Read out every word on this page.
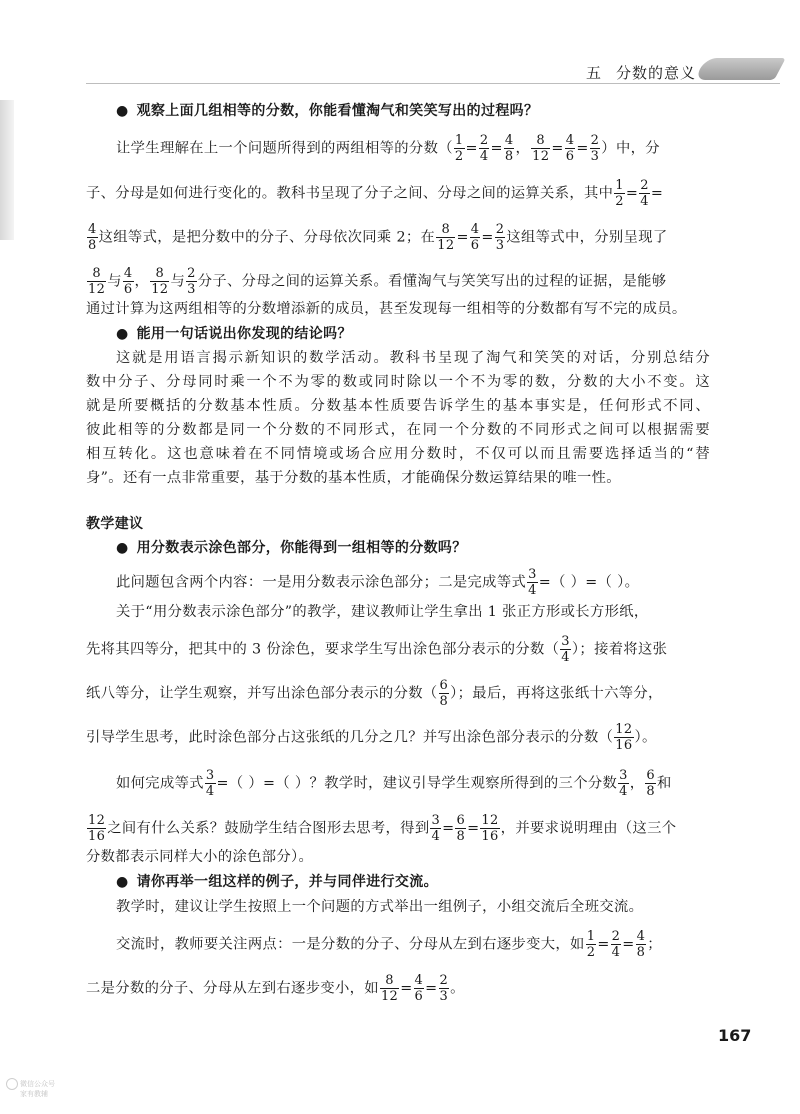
五 分数的意义
● 观察上面几组相等的分数，你能看懂淘气和笑笑写出的过程吗？
让学生理解在上一个问题所得到的两组相等的分数（ $\frac{1}{2} = \frac{2}{4} = \frac{4}{8}$ ， $\frac{8}{12} = \frac{4}{6} = \frac{2}{3}$ ）中，分
子、分母是如何进行变化的。教科书呈现了分子之间、分母之间的运算关系，其中 $\frac{1}{2} = \frac{2}{4}$ =
$\frac{4}{8}$ 这组等式，是把分数中的分子、分母依次同乘 2；在 $\frac{8}{12} = \frac{4}{6} = \frac{2}{3}$ 这组等式中，分别呈现了
$\frac{8}{12}$ 与 $\frac{4}{6}$ ， $\frac{8}{12}$ 与 $\frac{2}{3}$ 分子、分母之间的运算关系。看懂淘气与笑笑写出的过程的证据，是能够
通过计算为这两组相等的分数增添新的成员，甚至发现每一组相等的分数都有写不完的成员。
● 能用一句话说出你发现的结论吗？
这就是用语言揭示新知识的数学活动。教科书呈现了淘气和笑笑的对话，分别总结分
数中分子、分母同时乘一个不为零的数或同时除以一个不为零的数，分数的大小不变。这
就是所要概括的分数基本性质。分数基本性质要告诉学生的基本事实是，任何形式不同、
彼此相等的分数都是同一个分数的不同形式，在同一个分数的不同形式之间可以根据需要
相互转化。这也意味着在不同情境或场合应用分数时，不仅可以而且需要选择适当的“替
身”。还有一点非常重要，基于分数的基本性质，才能确保分数运算结果的唯一性。
教学建议
● 用分数表示涂色部分，你能得到一组相等的分数吗？
此问题包含两个内容：一是用分数表示涂色部分；二是完成等式 $\frac{3}{4}$ =（ ）=（ ）。
关于“用分数表示涂色部分”的教学，建议教师让学生拿出 1 张正方形或长方形纸，
先将其四等分，把其中的 3 份涂色，要求学生写出涂色部分表示的分数（ $\frac{3}{4}$ ）；接着将这张
纸八等分，让学生观察，并写出涂色部分表示的分数（ $\frac{6}{8}$ ）；最后，再将这张纸十六等分，
引导学生思考，此时涂色部分占这张纸的几分之几？并写出涂色部分表示的分数（ $\frac{12}{16}$ ）。
如何完成等式 $\frac{3}{4}$ =（ ）=（ ）？教学时，建议引导学生观察所得到的三个分数 $\frac{3}{4}$ ， $\frac{6}{8}$ 和
$\frac{12}{16}$ 之间有什么关系？鼓励学生结合图形去思考，得到 $\frac{3}{4} = \frac{6}{8} = \frac{12}{16}$ ，并要求说明理由（这三个
分数都表示同样大小的涂色部分）。
● 请你再举一组这样的例子，并与同伴进行交流。
教学时，建议让学生按照上一个问题的方式举出一组例子，小组交流后全班交流。
交流时，教师要关注两点：一是分数的分子、分母从左到右逐步变大，如 $\frac{1}{2} = \frac{2}{4} = \frac{4}{8}$ ；
二是分数的分子、分母从左到右逐步变小，如 $\frac{8}{12} = \frac{4}{6} = \frac{2}{3}$ 。
167
微信公众号
家有教辅
